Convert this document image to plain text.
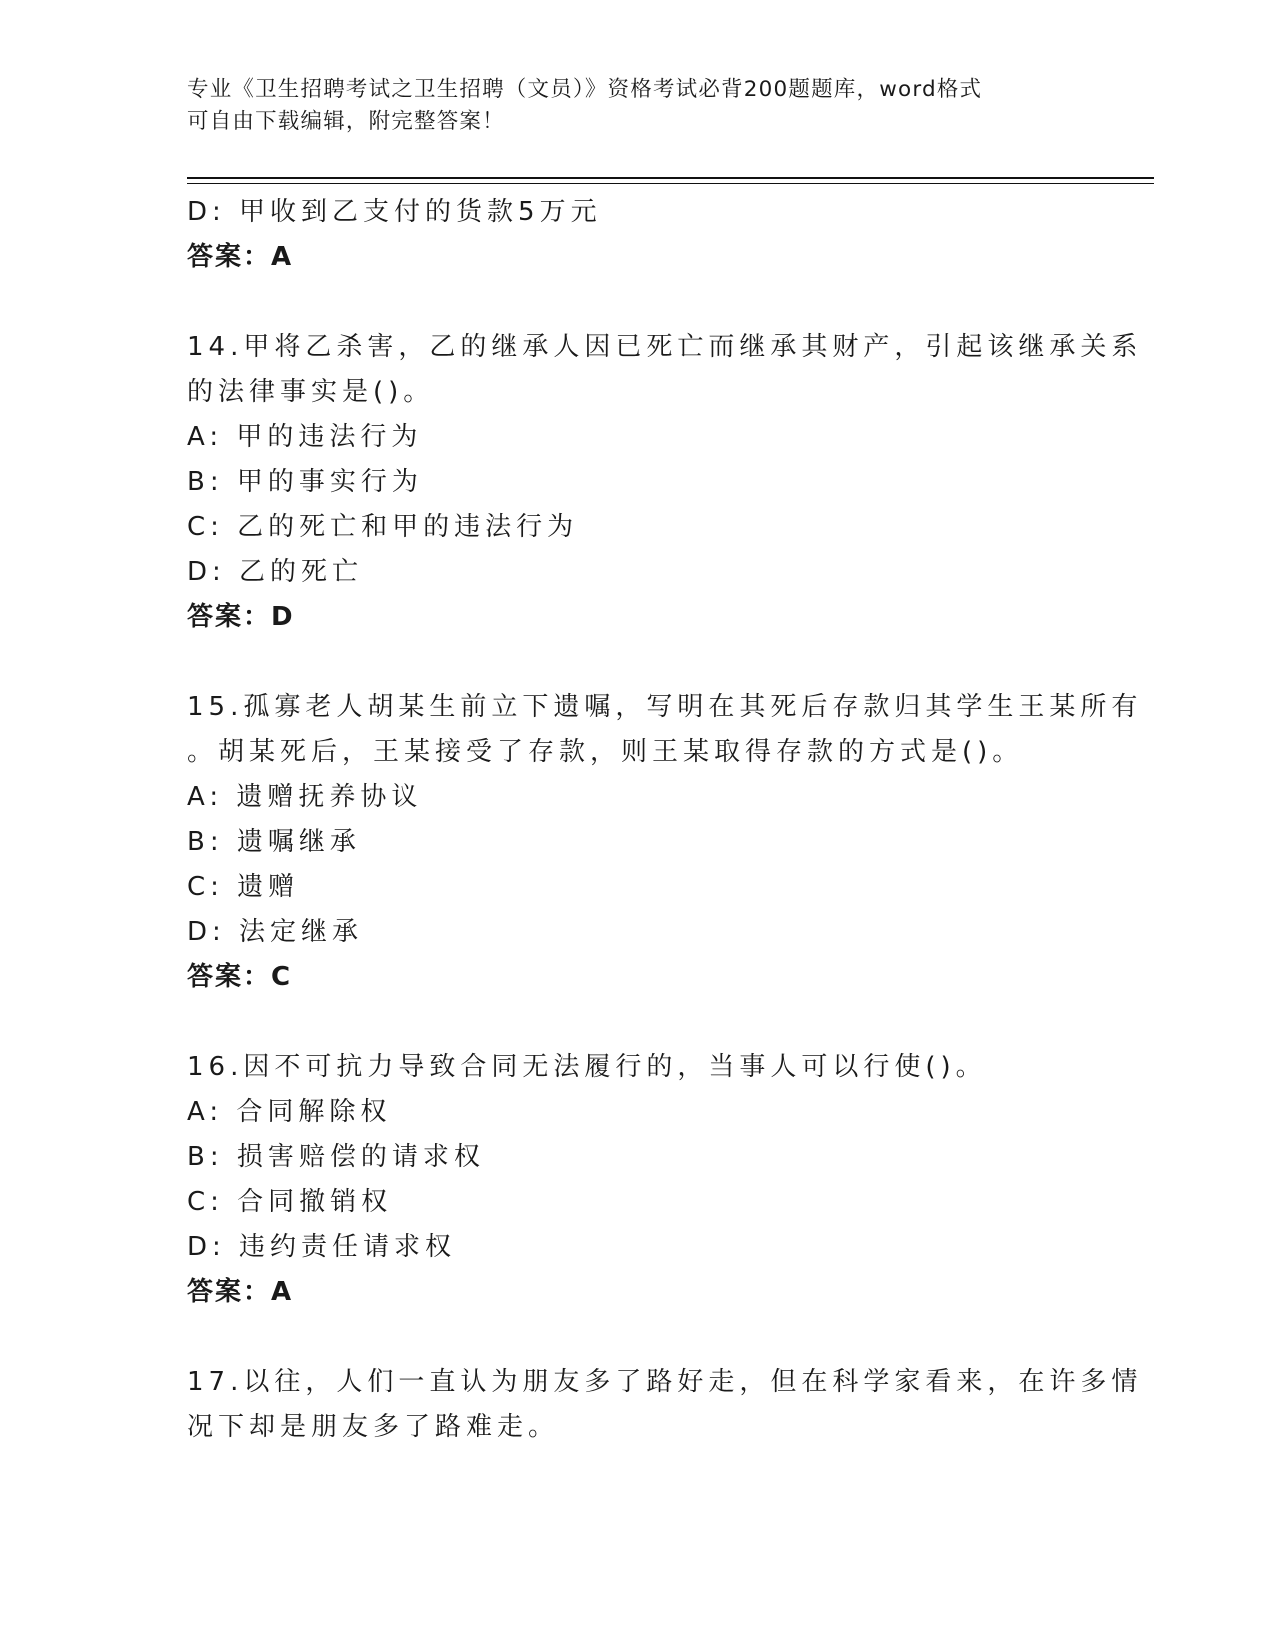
专业《卫生招聘考试之卫生招聘（文员）》资格考试必背200题题库，word格式
可自由下载编辑，附完整答案！
D: 甲收到乙支付的货款5万元
答案：A
14.甲将乙杀害，乙的继承人因已死亡而继承其财产，引起该继承关系
的法律事实是()。
A: 甲的违法行为
B: 甲的事实行为
C: 乙的死亡和甲的违法行为
D: 乙的死亡
答案：D
15.孤寡老人胡某生前立下遗嘱，写明在其死后存款归其学生王某所有
。胡某死后，王某接受了存款，则王某取得存款的方式是()。
A: 遗赠抚养协议
B: 遗嘱继承
C: 遗赠
D: 法定继承
答案：C
16.因不可抗力导致合同无法履行的，当事人可以行使()。
A: 合同解除权
B: 损害赔偿的请求权
C: 合同撤销权
D: 违约责任请求权
答案：A
17.以往，人们一直认为朋友多了路好走，但在科学家看来，在许多情
况下却是朋友多了路难走。
